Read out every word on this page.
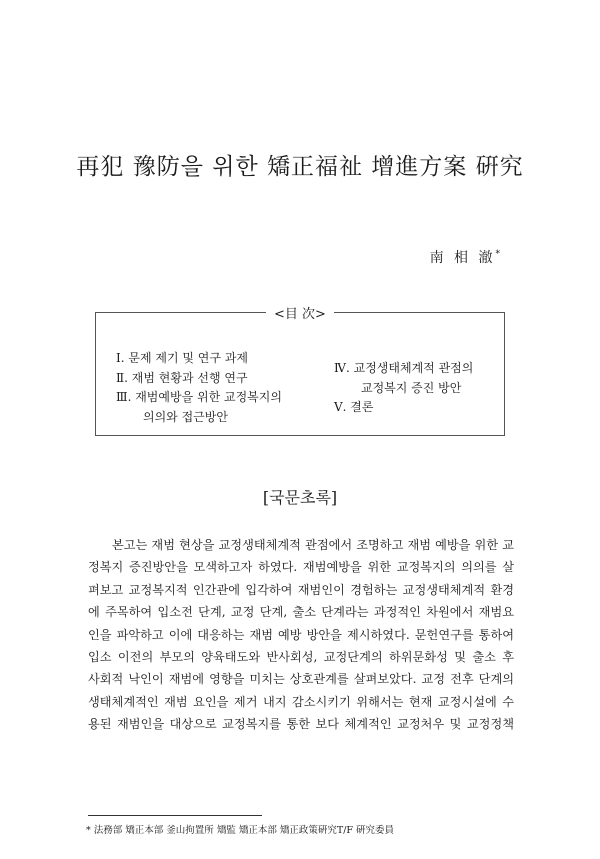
再犯 豫防을 위한 矯正福祉 增進方案 硏究
南 相 澈*
<目 次>
Ⅰ. 문제 제기 및 연구 과제
Ⅱ. 재범 현황과 선행 연구
Ⅲ. 재범예방을 위한 교정복지의
의의와 접근방안
Ⅳ. 교정생태체계적 관점의
교정복지 증진 방안
Ⅴ. 결론
[국문초록]
본고는 재범 현상을 교정생태체계적 관점에서 조명하고 재범 예방을 위한 교
정복지 증진방안을 모색하고자 하였다. 재범예방을 위한 교정복지의 의의를 살
펴보고 교정복지적 인간관에 입각하여 재범인이 경험하는 교정생태체계적 환경
에 주목하여 입소전 단계, 교정 단계, 출소 단계라는 과정적인 차원에서 재범요
인을 파악하고 이에 대응하는 재범 예방 방안을 제시하였다. 문헌연구를 통하여
입소 이전의 부모의 양육태도와 반사회성, 교정단계의 하위문화성 및 출소 후
사회적 낙인이 재범에 영향을 미치는 상호관계를 살펴보았다. 교정 전후 단계의
생태체계적인 재범 요인을 제거 내지 감소시키기 위해서는 현재 교정시설에 수
용된 재범인을 대상으로 교정복지를 통한 보다 체계적인 교정처우 및 교정정책
* 法務部 矯正本部 釜山拘置所 矯監 矯正本部 矯正政策硏究T/F 硏究委員
